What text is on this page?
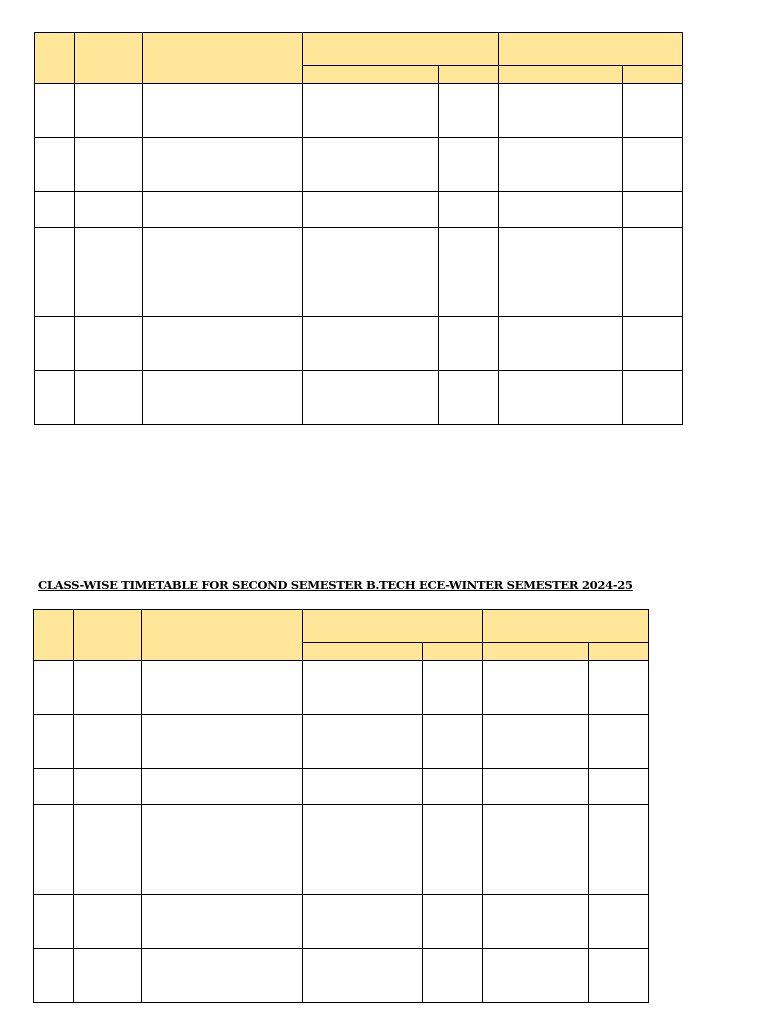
CLASS-WISE TIMETABLE FOR SECOND SEMESTER B.TECH ECE-WINTER SEMESTER 2024-25
